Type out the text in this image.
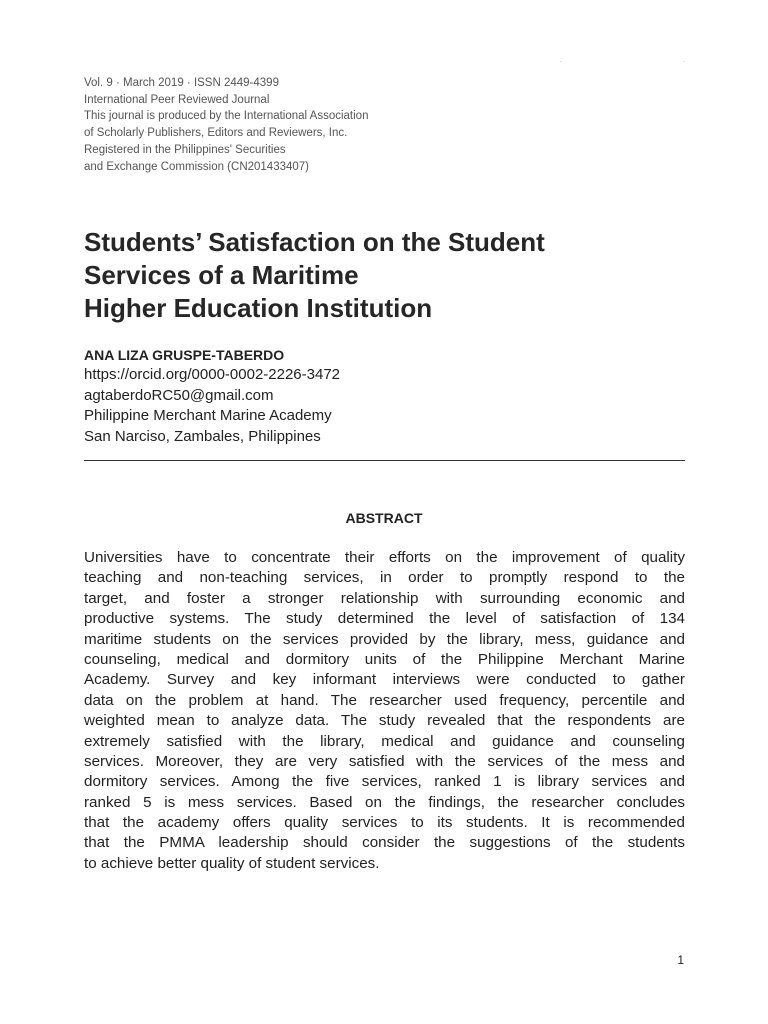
. .
Vol. 9 · March 2019 · ISSN 2449-4399
International Peer Reviewed Journal
This journal is produced by the International Association
of Scholarly Publishers, Editors and Reviewers, Inc.
Registered in the Philippines' Securities
and Exchange Commission (CN201433407)
Students’ Satisfaction on the Student
Services of a Maritime
Higher Education Institution
ANA LIZA GRUSPE-TABERDO
https://orcid.org/0000-0002-2226-3472
agtaberdoRC50@gmail.com
Philippine Merchant Marine Academy
San Narciso, Zambales, Philippines
ABSTRACT
Universities have to concentrate their efforts on the improvement of quality
teaching and non-teaching services, in order to promptly respond to the
target, and foster a stronger relationship with surrounding economic and
productive systems. The study determined the level of satisfaction of 134
maritime students on the services provided by the library, mess, guidance and
counseling, medical and dormitory units of the Philippine Merchant Marine
Academy. Survey and key informant interviews were conducted to gather
data on the problem at hand. The researcher used frequency, percentile and
weighted mean to analyze data. The study revealed that the respondents are
extremely satisfied with the library, medical and guidance and counseling
services. Moreover, they are very satisfied with the services of the mess and
dormitory services. Among the five services, ranked 1 is library services and
ranked 5 is mess services. Based on the findings, the researcher concludes
that the academy offers quality services to its students. It is recommended
that the PMMA leadership should consider the suggestions of the students
to achieve better quality of student services.
1
